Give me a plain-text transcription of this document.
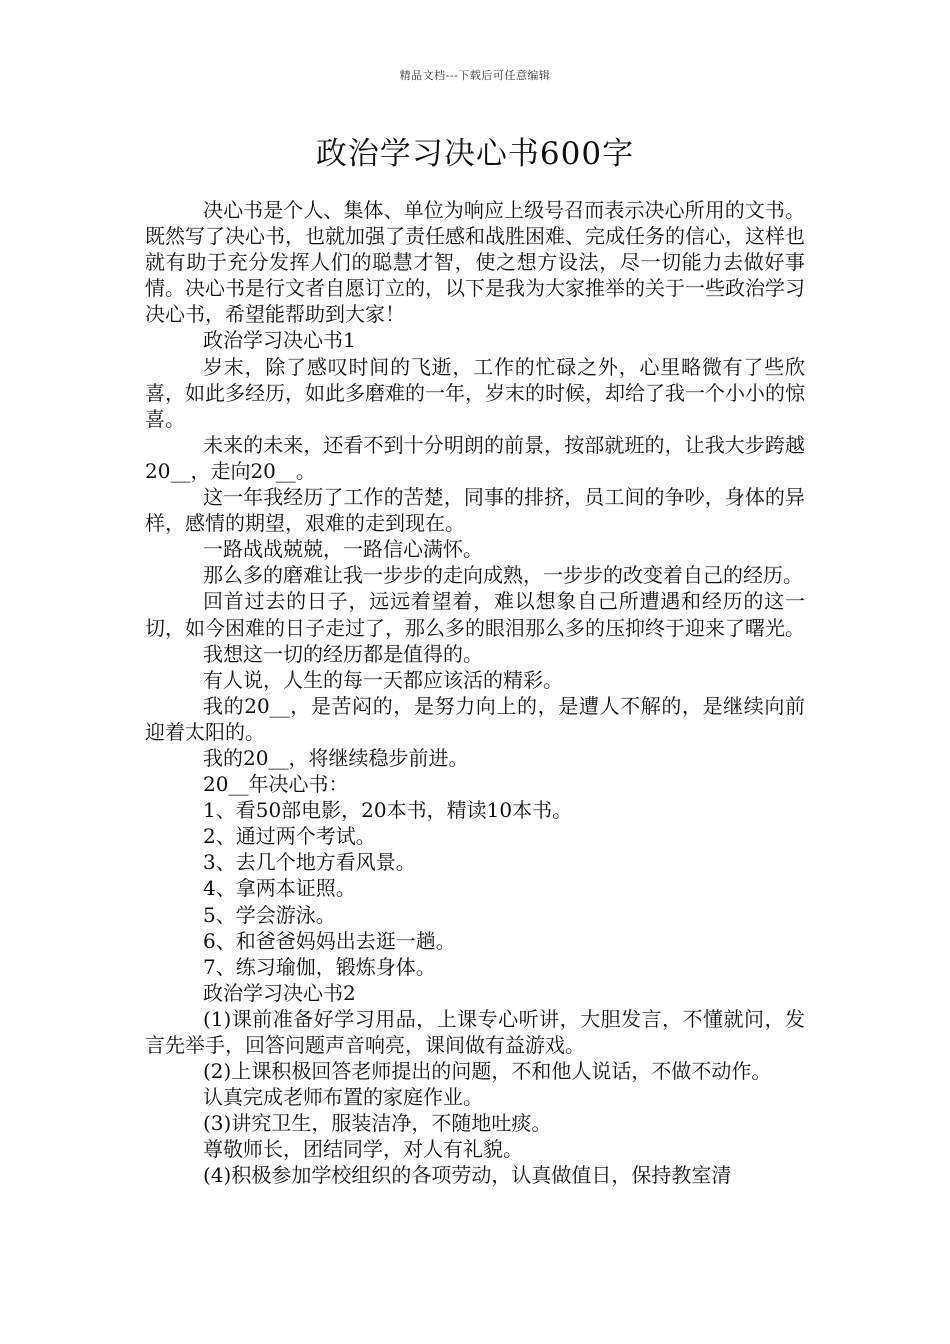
精品文档---下载后可任意编辑
政治学习决心书600字

决心书是个人、集体、单位为响应上级号召而表示决心所用的文书。既然写了决心书，也就加强了责任感和战胜困难、完成任务的信心，这样也就有助于充分发挥人们的聪慧才智，使之想方设法，尽一切能力去做好事情。决心书是行文者自愿订立的，以下是我为大家推举的关于一些政治学习决心书，希望能帮助到大家！

政治学习决心书1

岁末，除了感叹时间的飞逝，工作的忙碌之外，心里略微有了些欣喜，如此多经历，如此多磨难的一年，岁末的时候，却给了我一个小小的惊喜。

未来的未来，还看不到十分明朗的前景，按部就班的，让我大步跨越20__，走向20__。

这一年我经历了工作的苦楚，同事的排挤，员工间的争吵，身体的异样，感情的期望，艰难的走到现在。

一路战战兢兢，一路信心满怀。

那么多的磨难让我一步步的走向成熟，一步步的改变着自己的经历。

回首过去的日子，远远着望着，难以想象自己所遭遇和经历的这一切，如今困难的日子走过了，那么多的眼泪那么多的压抑终于迎来了曙光。

我想这一切的经历都是值得的。

有人说，人生的每一天都应该活的精彩。

我的20__，是苦闷的，是努力向上的，是遭人不解的，是继续向前迎着太阳的。

我的20__，将继续稳步前进。

20__年决心书：

1、看50部电影，20本书，精读10本书。

2、通过两个考试。

3、去几个地方看风景。

4、拿两本证照。

5、学会游泳。

6、和爸爸妈妈出去逛一趟。

7、练习瑜伽，锻炼身体。

政治学习决心书2

(1)课前准备好学习用品，上课专心听讲，大胆发言，不懂就问，发言先举手，回答问题声音响亮，课间做有益游戏。

(2)上课积极回答老师提出的问题，不和他人说话，不做不动作。

认真完成老师布置的家庭作业。

(3)讲究卫生，服装洁净，不随地吐痰。

尊敬师长，团结同学，对人有礼貌。

(4)积极参加学校组织的各项劳动，认真做值日，保持教室清
